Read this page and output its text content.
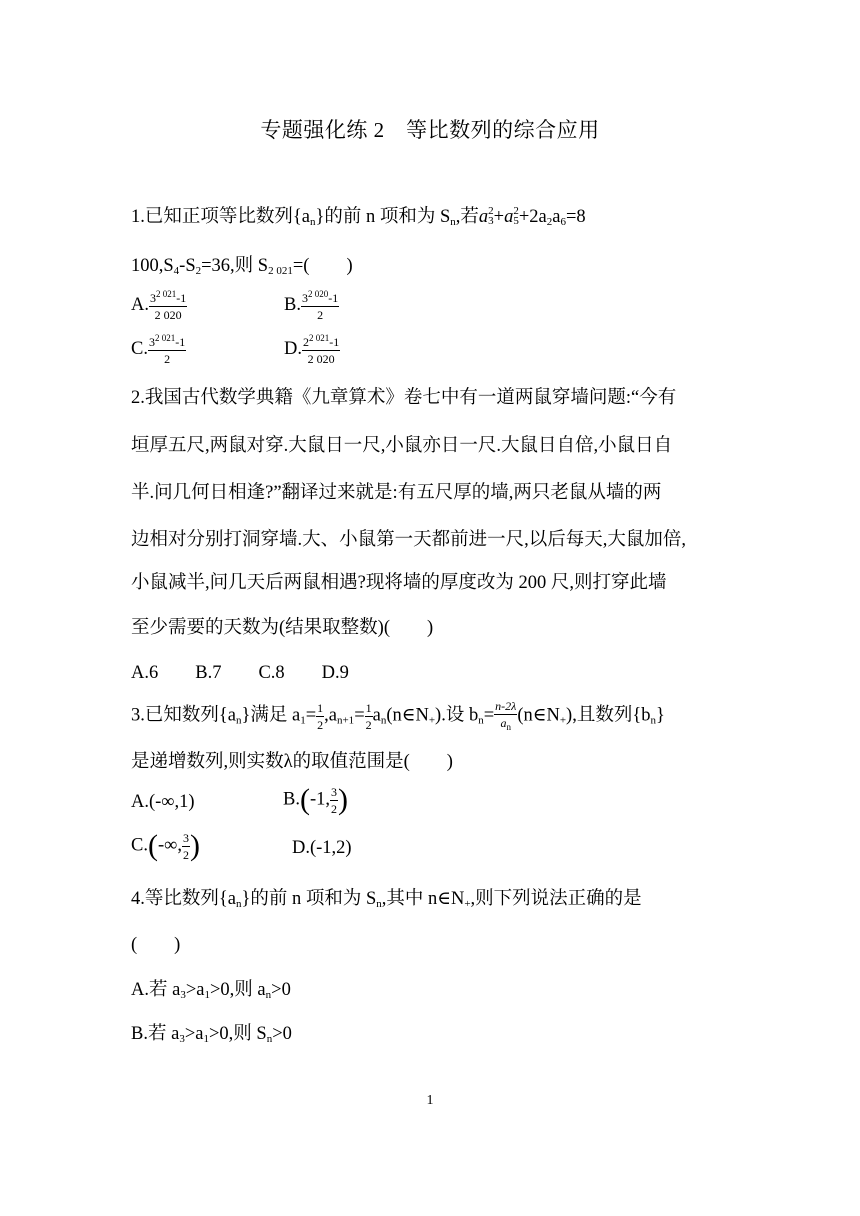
专题强化练 2　等比数列的综合应用
1.已知正项等比数列$\{a_n\}$的前 n 项和为 $S_n$,若a 2
3 +a 2
$5 +2a_2a_6=8$
$100,S_4-S_2=36$,则 $S_{2 021}=$(　　)
A. $\frac{3^{2 021}-1}{2 020}$	B. $\frac{3^{2 020}-1}{2}$
C. $\frac{3^{2 021}-1}{2}$	D. $\frac{2^{2 021}-1}{2 020}$
2.我国古代数学典籍《九章算术》卷七中有一道两鼠穿墙问题:“今有
垣厚五尺,两鼠对穿.大鼠日一尺,小鼠亦日一尺.大鼠日自倍,小鼠日自
半.问几何日相逢?”翻译过来就是:有五尺厚的墙,两只老鼠从墙的两
边相对分别打洞穿墙.大、小鼠第一天都前进一尺,以后每天,大鼠加倍,
小鼠减半,问几天后两鼠相遇?现将墙的厚度改为 200 尺,则打穿此墙
至少需要的天数为(结果取整数)(　　)
A.6　　B.7　　C.8　　D.9
3.已知数列$\{a_n\}$满足 $a_1= \frac{1}{2} ,a_{n+1}= \frac{1}{2}$ $a_n(n\in N_+)$.设 $b_n= \frac{n-2\lambda}{a_n}$ $(n\in N_+)$,且数列$\{b_n\}$
是递增数列,则实数λ的取值范围是(　　)
A.(-∞,1)	B.(-1, $\frac{3}{2}$ )
C.(-∞, $\frac{3}{2}$ )	D.(-1,2)
4.等比数列$\{a_n\}$的前 n 项和为 $S_n$,其中 $n\in N_+$,则下列说法正确的是
(　　)
A.若 $a_3>a_1>0$,则 $a_n>0$
B.若 $a_3>a_1>0$,则 $S_n>0$
1
